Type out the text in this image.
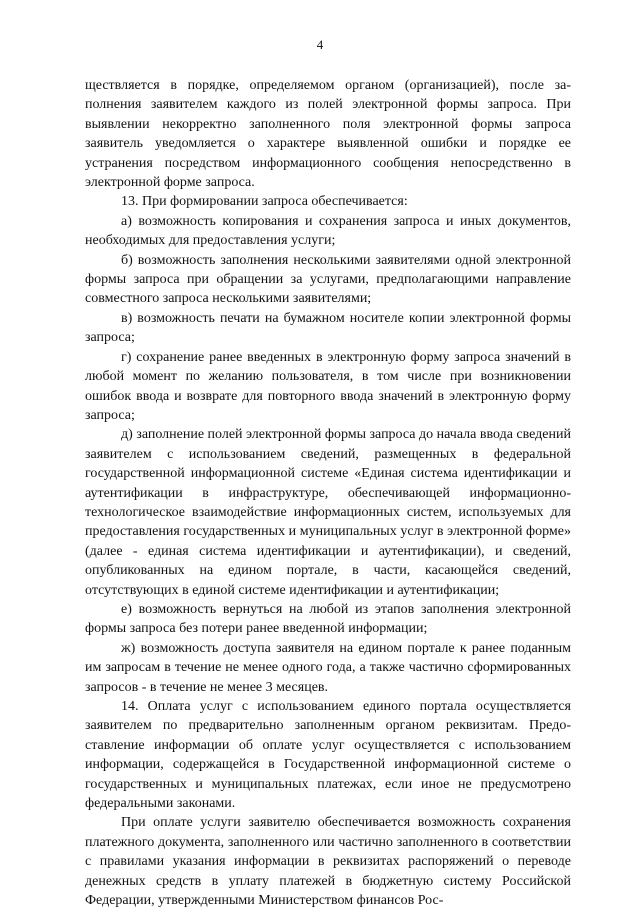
4

ществляется в порядке, определяемом органом (организацией), после заполнения заявителем каждого из полей электронной формы запроса. При выявлении некорректно заполненного поля электронной формы запроса заявитель уведомляется о характере выявленной ошибки и порядке ее устранения посредством информационного сообщения непосредственно в электронной форме запроса.

13. При формировании запроса обеспечивается:

а) возможность копирования и сохранения запроса и иных документов, необходимых для предоставления услуги;

б) возможность заполнения несколькими заявителями одной электронной формы запроса при обращении за услугами, предполагающими направление совместного запроса несколькими заявителями;

в) возможность печати на бумажном носителе копии электронной формы запроса;

г) сохранение ранее введенных в электронную форму запроса значений в любой момент по желанию пользователя, в том числе при возникновении ошибок ввода и возврате для повторного ввода значений в электронную форму запроса;

д) заполнение полей электронной формы запроса до начала ввода сведений заявителем с использованием сведений, размещенных в федеральной государственной информационной системе «Единая система идентификации и аутентификации в инфраструктуре, обеспечивающей информационно-технологическое взаимодействие информационных систем, используемых для предоставления государственных и муниципальных услуг в электронной форме» (далее - единая система идентификации и аутентификации), и сведений, опубликованных на едином портале, в части, касающейся сведений, отсутствующих в единой системе идентификации и аутентификации;

е) возможность вернуться на любой из этапов заполнения электронной формы запроса без потери ранее введенной информации;

ж) возможность доступа заявителя на едином портале к ранее поданным им запросам в течение не менее одного года, а также частично сформированных запросов - в течение не менее 3 месяцев.

14. Оплата услуг с использованием единого портала осуществляется заявителем по предварительно заполненным органом реквизитам. Предоставление информации об оплате услуг осуществляется с использованием информации, содержащейся в Государственной информационной системе о государственных и муниципальных платежах, если иное не предусмотрено федеральными законами.

При оплате услуги заявителю обеспечивается возможность сохранения платежного документа, заполненного или частично заполненного в соответствии с правилами указания информации в реквизитах распоряжений о переводе денежных средств в уплату платежей в бюджетную систему Российской Федерации, утвержденными Министерством финансов Рос-
